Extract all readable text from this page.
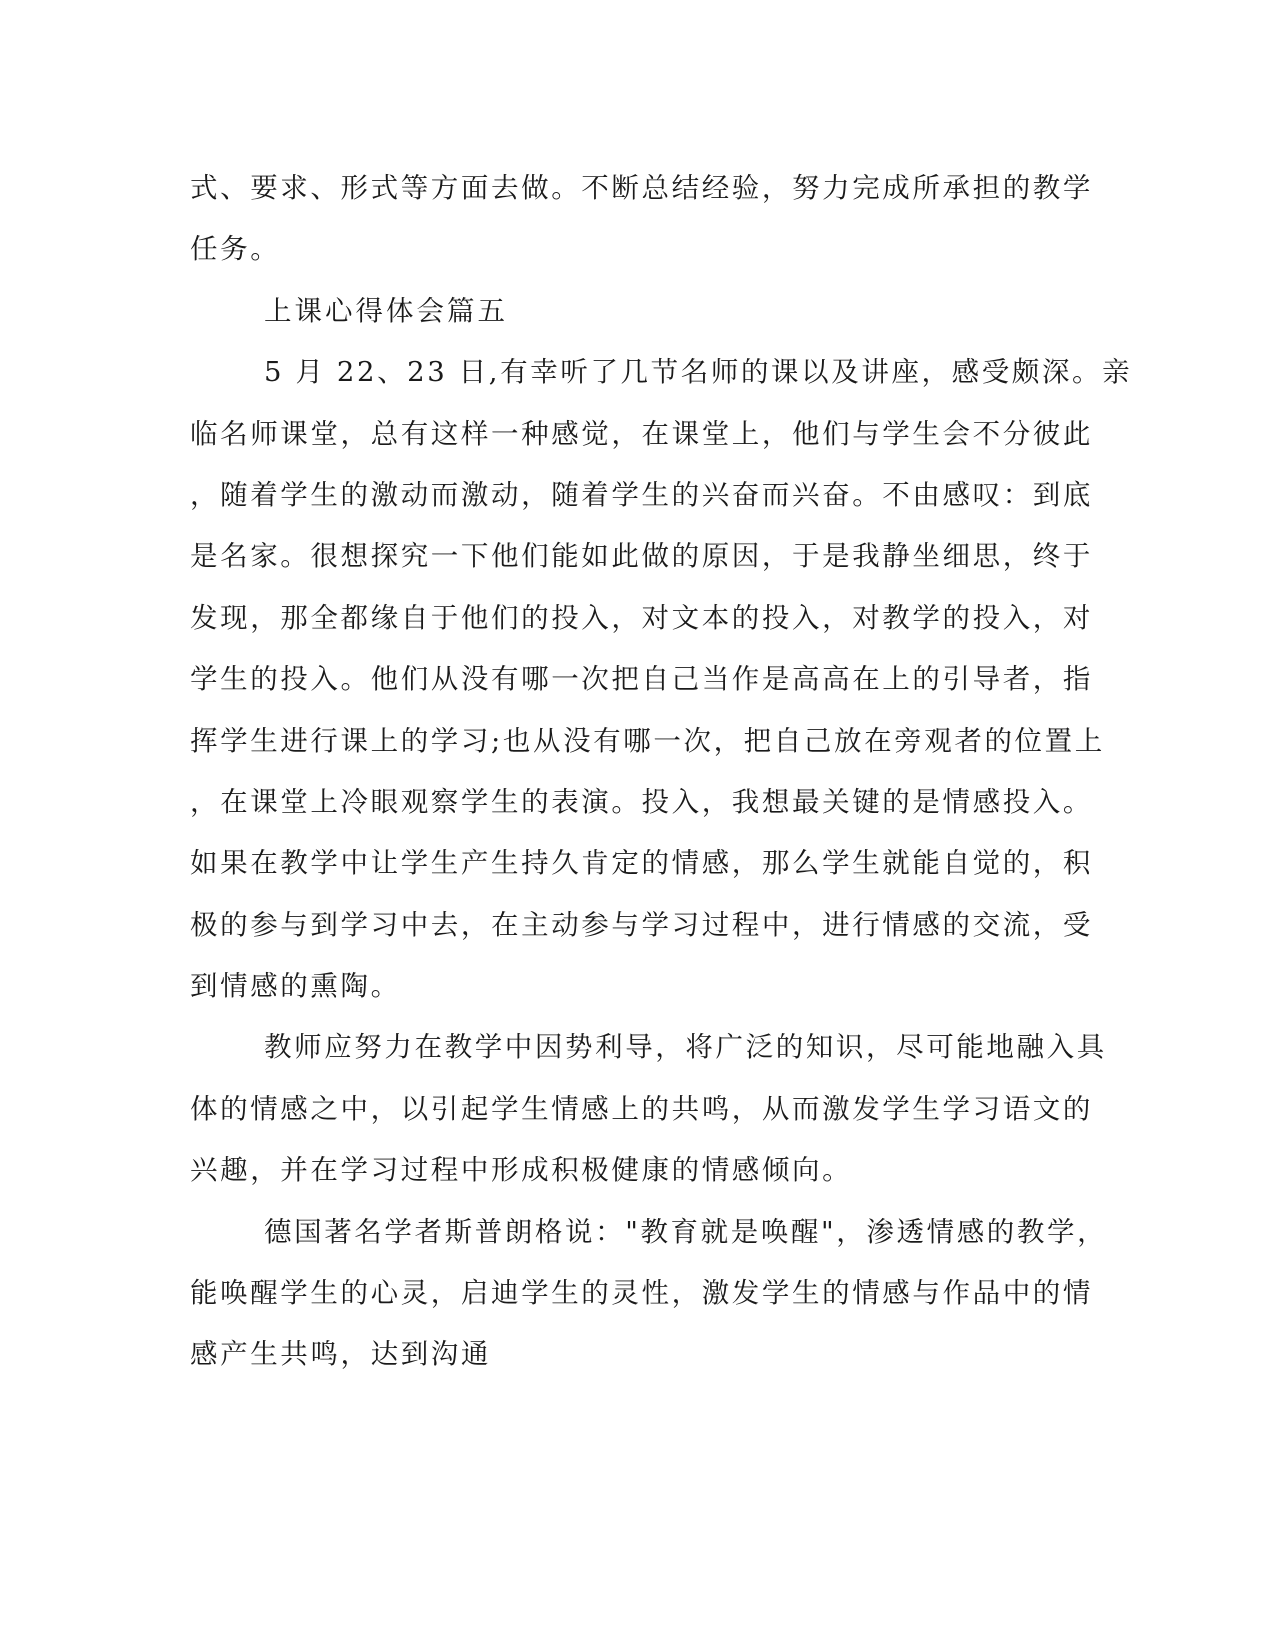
式、要求、形式等方面去做。不断总结经验，努力完成所承担的教学
任务。
上课心得体会篇五
5 月 22、23 日,有幸听了几节名师的课以及讲座，感受颇深。亲
临名师课堂，总有这样一种感觉，在课堂上，他们与学生会不分彼此
，随着学生的激动而激动，随着学生的兴奋而兴奋。不由感叹：到底
是名家。很想探究一下他们能如此做的原因，于是我静坐细思，终于
发现，那全都缘自于他们的投入，对文本的投入，对教学的投入，对
学生的投入。他们从没有哪一次把自己当作是高高在上的引导者，指
挥学生进行课上的学习;也从没有哪一次，把自己放在旁观者的位置上
，在课堂上冷眼观察学生的表演。投入，我想最关键的是情感投入。
如果在教学中让学生产生持久肯定的情感，那么学生就能自觉的，积
极的参与到学习中去，在主动参与学习过程中，进行情感的交流，受
到情感的熏陶。
教师应努力在教学中因势利导，将广泛的知识，尽可能地融入具
体的情感之中，以引起学生情感上的共鸣，从而激发学生学习语文的
兴趣，并在学习过程中形成积极健康的情感倾向。
德国著名学者斯普朗格说："教育就是唤醒"，渗透情感的教学，
能唤醒学生的心灵，启迪学生的灵性，激发学生的情感与作品中的情
感产生共鸣，达到沟通
